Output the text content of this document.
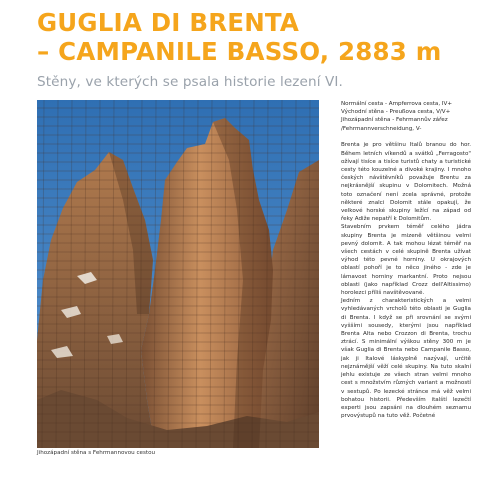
GUGLIA DI BRENTA
– CAMPANILE BASSO, 2883 m

Stěny, ve kterých se psala historie lezení VI.

Jihozápadní stěna s Fehrmannovou cestou

Normální cesta - Ampferrova cesta, IV+

Východní stěna - Preußova cesta, V/V+

Jihozápadní stěna - Fehrmannův zářez

/Fehrmannverschneidung, V-

Brenta je pro většinu Italů branou do hor. Během letních víkendů a svátků „Ferragosto" ožívají tisíce a tisíce turistů chaty a turistické cesty této kouzelné a divoké krajiny. I mnoho českých návštěvníků považuje Brentu za nejkrásnější skupinu v Dolomitech. Možná toto označení není zcela správné, protože některé znalci Dolomit stále opakují, že velkové horské skupiny ležící na západ od řeky Adiže nepatří k Dolomitům.

Stavebním prvkem téměř celého jádra skupiny Brenta je mizeně většinou velmi pevný dolomit. A tak mohou lézat téměř na všech cestách v celé skupině Brenta užívat výhod této pevné horniny. U okrajových oblastí pohoří je to něco jiného - zde je lámavost horniny markantní. Proto nejsou oblasti (jako například Crozz dell'Altissimo) horolezci příliš navštěvované.

Jedním z charakteristických a velmi vyhledávaných vrcholů této oblasti je Guglia di Brenta. I když se při srovnání se svými vyššími sousedy, kterými jsou například Brenta Alta nebo Crozzon di Brenta, trochu ztrácí. S minimální výškou stěny 300 m je však Guglia di Brenta nebo Campanile Basso, jak ji Italové láskyplně nazývají, určitě nejznámější věží celé skupiny. Na tuto skalní jehlu existuje ze všech stran velmi mnoho cest s množstvím různých variant a možností v sestupů. Po lezecké stránce má věž velmi bohatou historii. Především italští lezečtí experti jsou zapsáni na dlouhém seznamu prvovýstupů na tuto věž. Početné
